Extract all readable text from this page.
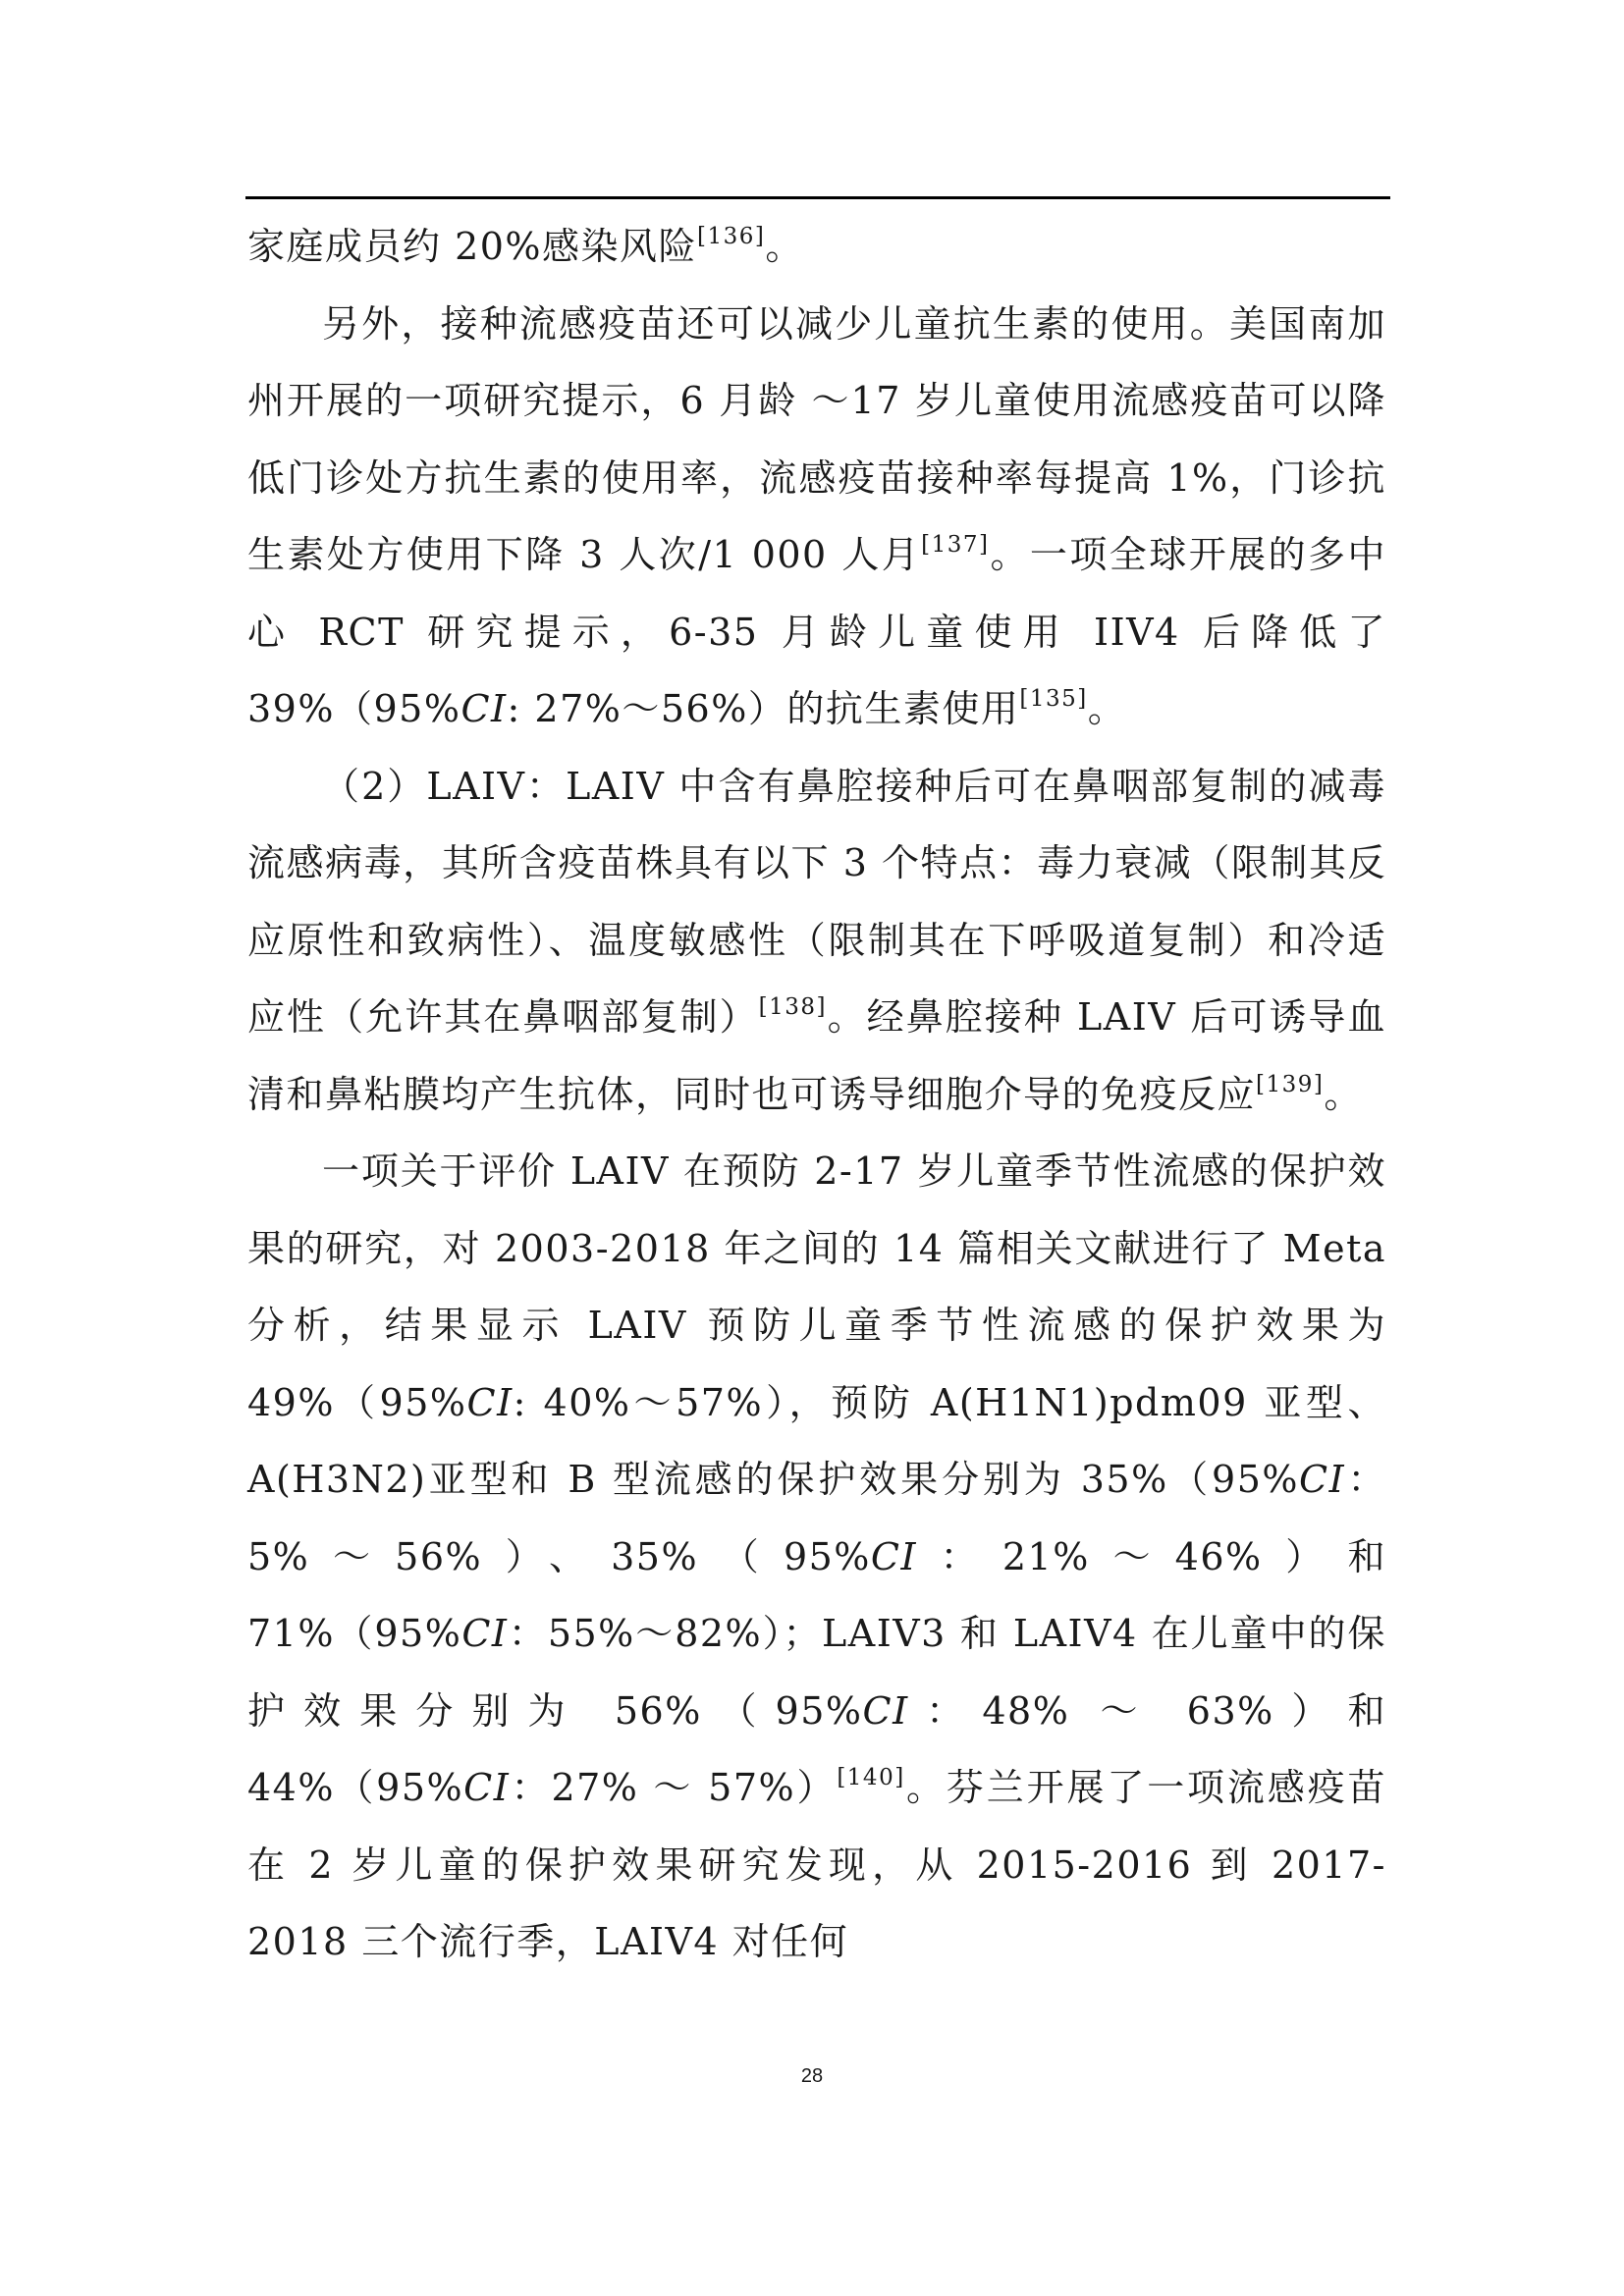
家庭成员约 20%感染风险[136]。

另外，接种流感疫苗还可以减少儿童抗生素的使用。美国南加州开展的一项研究提示，6 月龄 ～17 岁儿童使用流感疫苗可以降低门诊处方抗生素的使用率，流感疫苗接种率每提高 1%，门诊抗生素处方使用下降 3 人次/1 000 人月[137]。一项全球开展的多中心 RCT 研究提示，6-35 月龄儿童使用 IIV4 后降低了 39%（95%CI: 27%～56%）的抗生素使用[135]。

（2）LAIV：LAIV 中含有鼻腔接种后可在鼻咽部复制的减毒流感病毒，其所含疫苗株具有以下 3 个特点：毒力衰减（限制其反应原性和致病性）、温度敏感性（限制其在下呼吸道复制）和冷适应性（允许其在鼻咽部复制）[138]。经鼻腔接种 LAIV 后可诱导血清和鼻粘膜均产生抗体，同时也可诱导细胞介导的免疫反应[139]。

一项关于评价 LAIV 在预防 2-17 岁儿童季节性流感的保护效果的研究，对 2003-2018 年之间的 14 篇相关文献进行了 Meta 分析，结果显示 LAIV 预防儿童季节性流感的保护效果为 49%（95%CI: 40%～57%），预防 A(H1N1)pdm09 亚型、A(H3N2)亚型和 B 型流感的保护效果分别为 35%（95%CI：5%～56%）、35%（95%CI：21%～46%）和 71%（95%CI：55%～82%）；LAIV3 和 LAIV4 在儿童中的保护效果分别为 56%（95%CI：48% ～ 63%）和 44%（95%CI：27% ～ 57%）[140]。芬兰开展了一项流感疫苗在 2 岁儿童的保护效果研究发现，从 2015-2016 到 2017-2018 三个流行季，LAIV4 对任何

28
